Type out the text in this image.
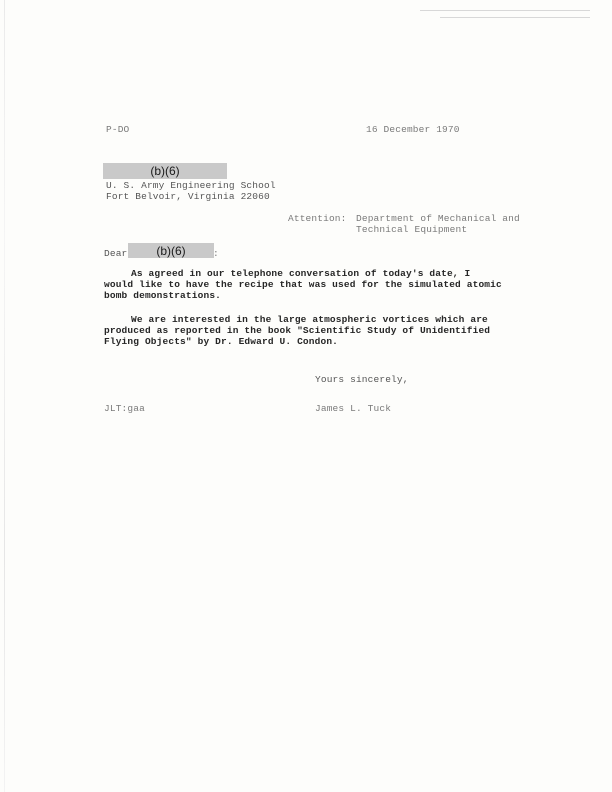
P-DO	16 December 1970
(b)(6)
U. S. Army Engineering School
Fort Belvoir, Virginia 22060
Attention: Department of Mechanical and
Technical Equipment
Dear	(b)(6)	:
As agreed in our telephone conversation of today's date, I
would like to have the recipe that was used for the simulated atomic
bomb demonstrations.
We are interested in the large atmospheric vortices which are
produced as reported in the book "Scientific Study of Unidentified
Flying Objects" by Dr. Edward U. Condon.
Yours sincerely,
James L. Tuck
JLT:gaa
